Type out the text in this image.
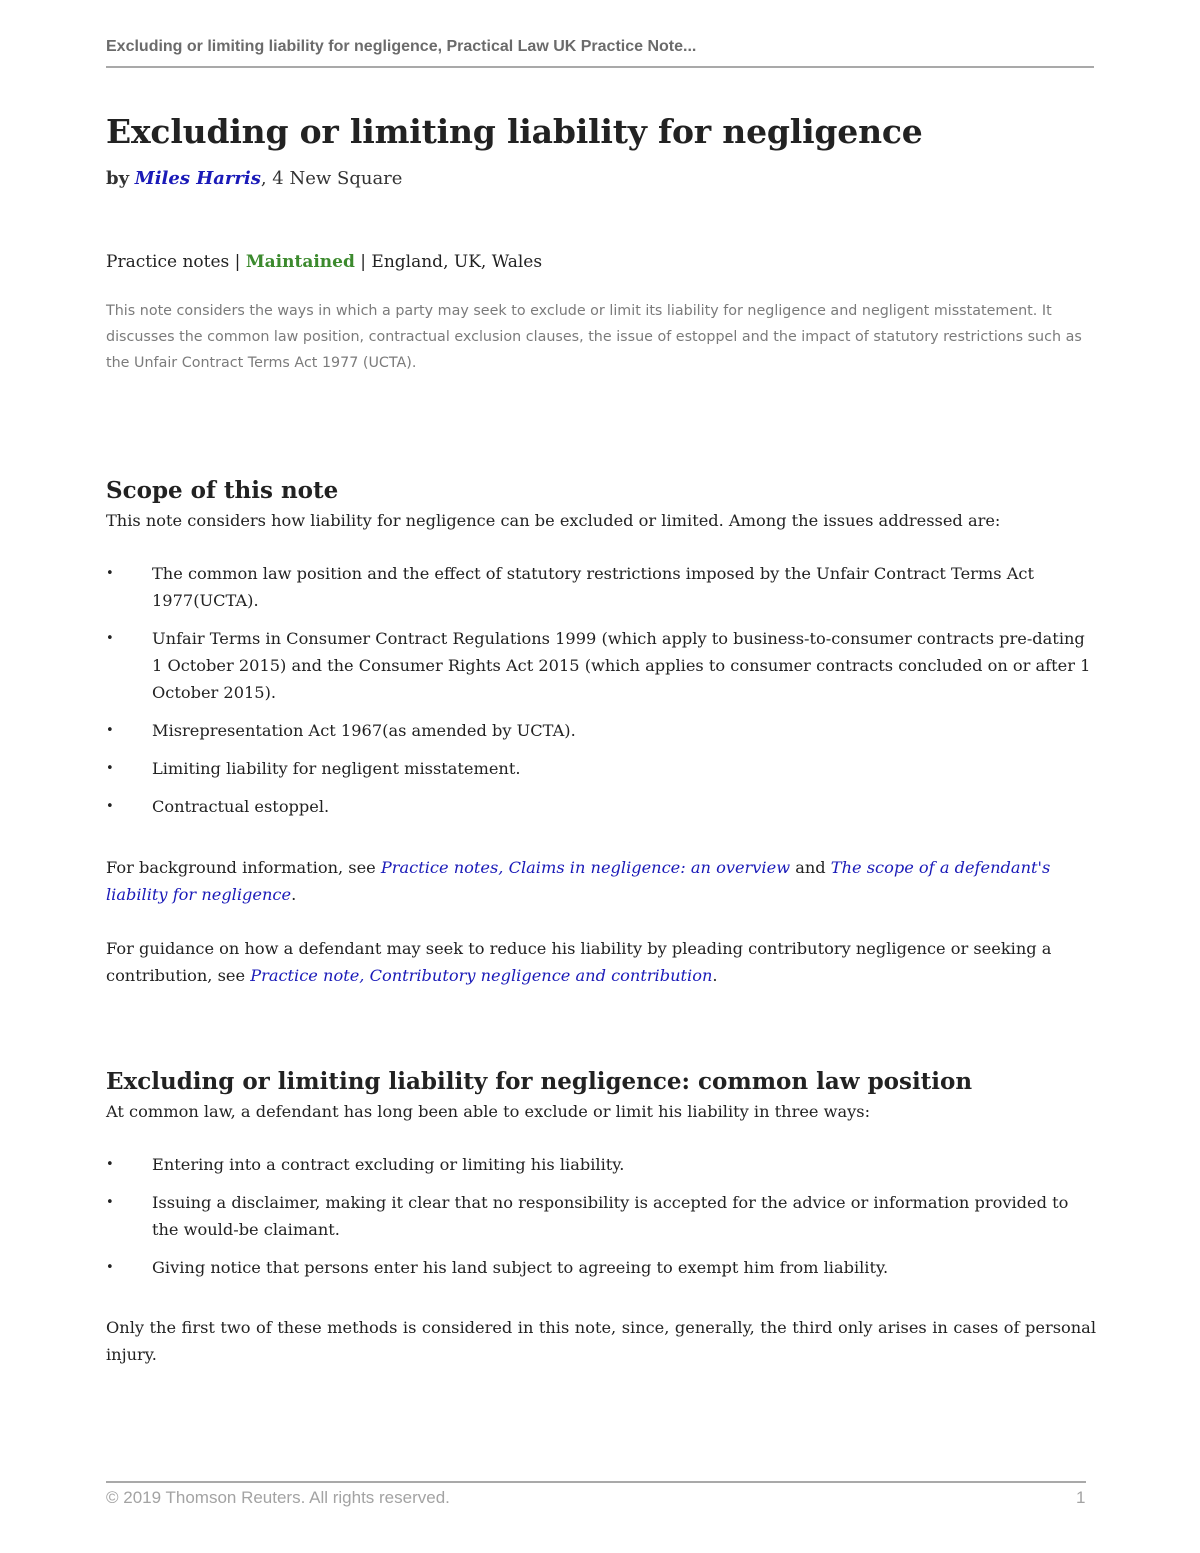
Excluding or limiting liability for negligence, Practical Law UK Practice Note...
Excluding or limiting liability for negligence
by Miles Harris, 4 New Square
Practice notes | Maintained | England, UK, Wales
This note considers the ways in which a party may seek to exclude or limit its liability for negligence and negligent misstatement. It discusses the common law position, contractual exclusion clauses, the issue of estoppel and the impact of statutory restrictions such as the Unfair Contract Terms Act 1977 (UCTA).
Scope of this note
This note considers how liability for negligence can be excluded or limited. Among the issues addressed are:
• The common law position and the effect of statutory restrictions imposed by the Unfair Contract Terms Act 1977(UCTA).
• Unfair Terms in Consumer Contract Regulations 1999 (which apply to business-to-consumer contracts pre-dating 1 October 2015) and the Consumer Rights Act 2015 (which applies to consumer contracts concluded on or after 1 October 2015).
• Misrepresentation Act 1967(as amended by UCTA).
• Limiting liability for negligent misstatement.
• Contractual estoppel.
For background information, see Practice notes, Claims in negligence: an overview and The scope of a defendant's liability for negligence.
For guidance on how a defendant may seek to reduce his liability by pleading contributory negligence or seeking a contribution, see Practice note, Contributory negligence and contribution.
Excluding or limiting liability for negligence: common law position
At common law, a defendant has long been able to exclude or limit his liability in three ways:
• Entering into a contract excluding or limiting his liability.
• Issuing a disclaimer, making it clear that no responsibility is accepted for the advice or information provided to the would-be claimant.
• Giving notice that persons enter his land subject to agreeing to exempt him from liability.
Only the first two of these methods is considered in this note, since, generally, the third only arises in cases of personal injury.
© 2019 Thomson Reuters. All rights reserved.	1
